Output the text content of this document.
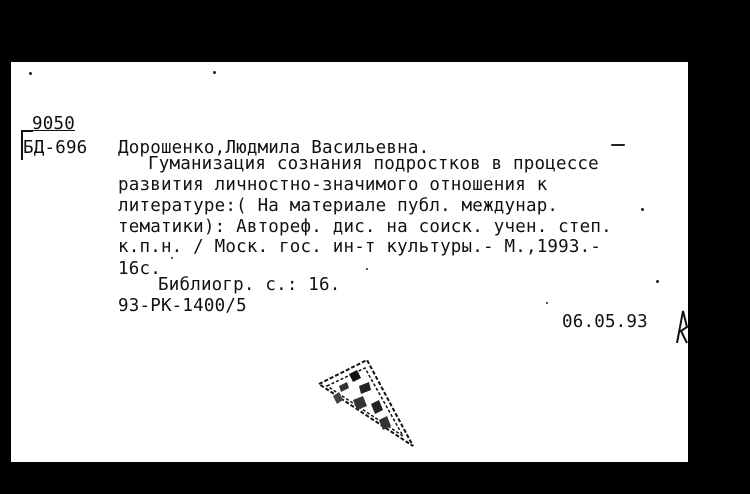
9050
БД-696 Дорошенко,Людмила Васильевна.
Гуманизация сознания подростков в процессе
развития личностно-значимого отношения к
литературе:( На материале публ. междунар.
тематики): Автореф. дис. на соиск. учен. степ.
к.п.н. / Моск. гос. ин-т культуры.- М.,1993.-
16с.
Библиогр. с.: 16.
93-РК-1400/5
06.05.93
